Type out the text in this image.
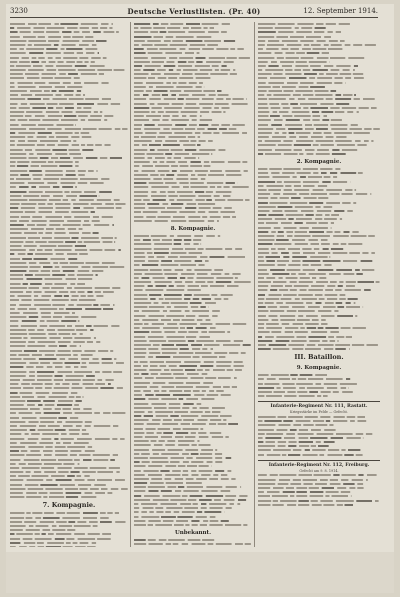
3230	Deutsche Verlustlisten. (Pr. 40)	12. September 1914.
7. Kompagnie.
8. Kompagnie.
Unbekannt.
2. Kompagnie.
III. Bataillon.
9. Kompagnie.
Infanterie-Regiment Nr. 111, Rastatt.
Kriegsstärke im Felde — Gefecht.
Infanterie-Regiment Nr. 112, Freiburg.
Gefecht am 9. 8. 1914.
